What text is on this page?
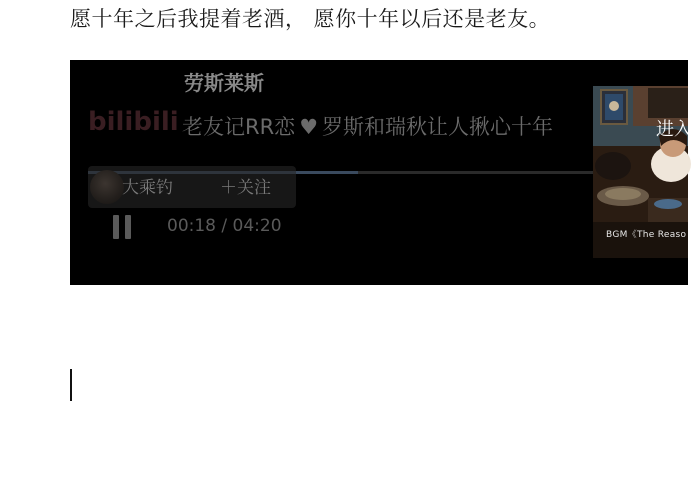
愿十年之后我提着老酒， 愿你十年以后还是老友。
劳斯莱斯
bilibili 老友记RR恋 ♥ 罗斯和瑞秋让人揪心十年
大乘钓	＋关注
00:18 / 04:20	BGM《The Reaso
进入
